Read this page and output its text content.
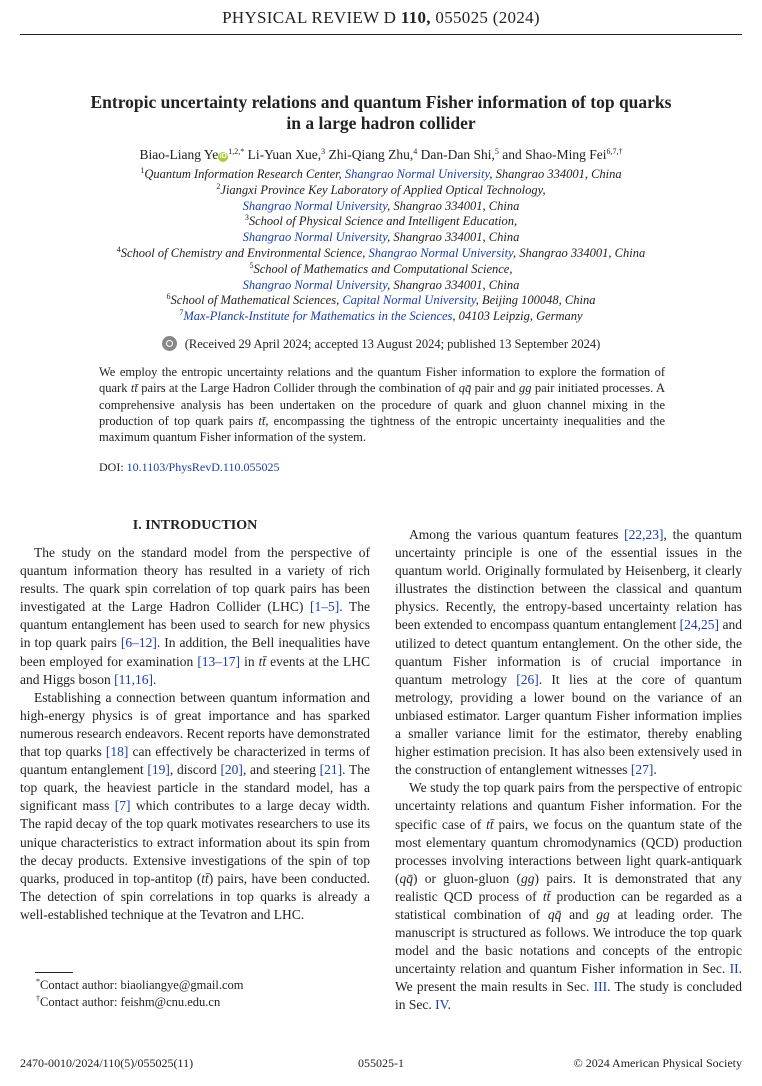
PHYSICAL REVIEW D 110, 055025 (2024)
Entropic uncertainty relations and quantum Fisher information of top quarks
in a large hadron collider
Biao-Liang Ye $iD^{1,2,*}$ Li-Yuan Xue,$^3$ Zhi-Qiang Zhu,$^4$ Dan-Dan Shi,$^5$ and Shao-Ming Fei$^{6,7,\dagger}$
$^1$Quantum Information Research Center, Shangrao Normal University, Shangrao 334001, China
$^2$Jiangxi Province Key Laboratory of Applied Optical Technology,
Shangrao Normal University, Shangrao 334001, China
$^3$School of Physical Science and Intelligent Education,
Shangrao Normal University, Shangrao 334001, China
$^4$School of Chemistry and Environmental Science, Shangrao Normal University, Shangrao 334001, China
$^5$School of Mathematics and Computational Science,
Shangrao Normal University, Shangrao 334001, China
$^6$School of Mathematical Sciences, Capital Normal University, Beijing 100048, China
$^7$Max-Planck-Institute for Mathematics in the Sciences, 04103 Leipzig, Germany
(Received 29 April 2024; accepted 13 August 2024; published 13 September 2024)
We employ the entropic uncertainty relations and the quantum Fisher information to explore the formation of quark tt̄ pairs at the Large Hadron Collider through the combination of qq̄ pair and gg pair initiated processes. A comprehensive analysis has been undertaken on the procedure of quark and gluon channel mixing in the production of top quark pairs tt̄, encompassing the tightness of the entropic uncertainty inequalities and the maximum quantum Fisher information of the system.
DOI: 10.1103/PhysRevD.110.055025
I. INTRODUCTION

The study on the standard model from the perspective of quantum information theory has resulted in a variety of rich results. The quark spin correlation of top quark pairs has been investigated at the Large Hadron Collider (LHC) [1–5]. The quantum entanglement has been used to search for new physics in top quark pairs [6–12]. In addition, the Bell inequalities have been employed for examination [13–17] in tt̄ events at the LHC and Higgs boson [11,16].

Establishing a connection between quantum information and high-energy physics is of great importance and has sparked numerous research endeavors. Recent reports have demonstrated that top quarks [18] can effectively be characterized in terms of quantum entanglement [19], discord [20], and steering [21]. The top quark, the heaviest particle in the standard model, has a significant mass [7] which contributes to a large decay width. The rapid decay of the top quark motivates researchers to use its unique characteristics to extract information about its spin from the decay products. Extensive investigations of the spin of top quarks, produced in top-antitop (tt̄) pairs, have been conducted. The detection of spin correlations in top quarks is already a well-established technique at the Tevatron and LHC.

Among the various quantum features [22,23], the quantum uncertainty principle is one of the essential issues in the quantum world. Originally formulated by Heisenberg, it clearly illustrates the distinction between the classical and quantum physics. Recently, the entropy-based uncertainty relation has been extended to encompass quantum entanglement [24,25] and utilized to detect quantum entanglement. On the other side, the quantum Fisher information is of crucial importance in quantum metrology [26]. It lies at the core of quantum metrology, providing a lower bound on the variance of an unbiased estimator. Larger quantum Fisher information implies a smaller variance limit for the estimator, thereby enabling higher estimation precision. It has also been extensively used in the construction of entanglement witnesses [27].

We study the top quark pairs from the perspective of entropic uncertainty relations and quantum Fisher information. For the specific case of tt̄ pairs, we focus on the quantum state of the most elementary quantum chromodynamics (QCD) production processes involving interactions between light quark-antiquark (qq̄) or gluon-gluon (gg) pairs. It is demonstrated that any realistic QCD process of tt̄ production can be regarded as a statistical combination of qq̄ and gg at leading order. The manuscript is structured as follows. We introduce the top quark model and the basic notations and concepts of the entropic uncertainty relation and quantum Fisher information in Sec. II. We present the main results in Sec. III. The study is concluded in Sec. IV.

*Contact author: biaoliangye@gmail.com
†Contact author: feishm@cnu.edu.cn
2470-0010/2024/110(5)/055025(11)	055025-1	© 2024 American Physical Society
